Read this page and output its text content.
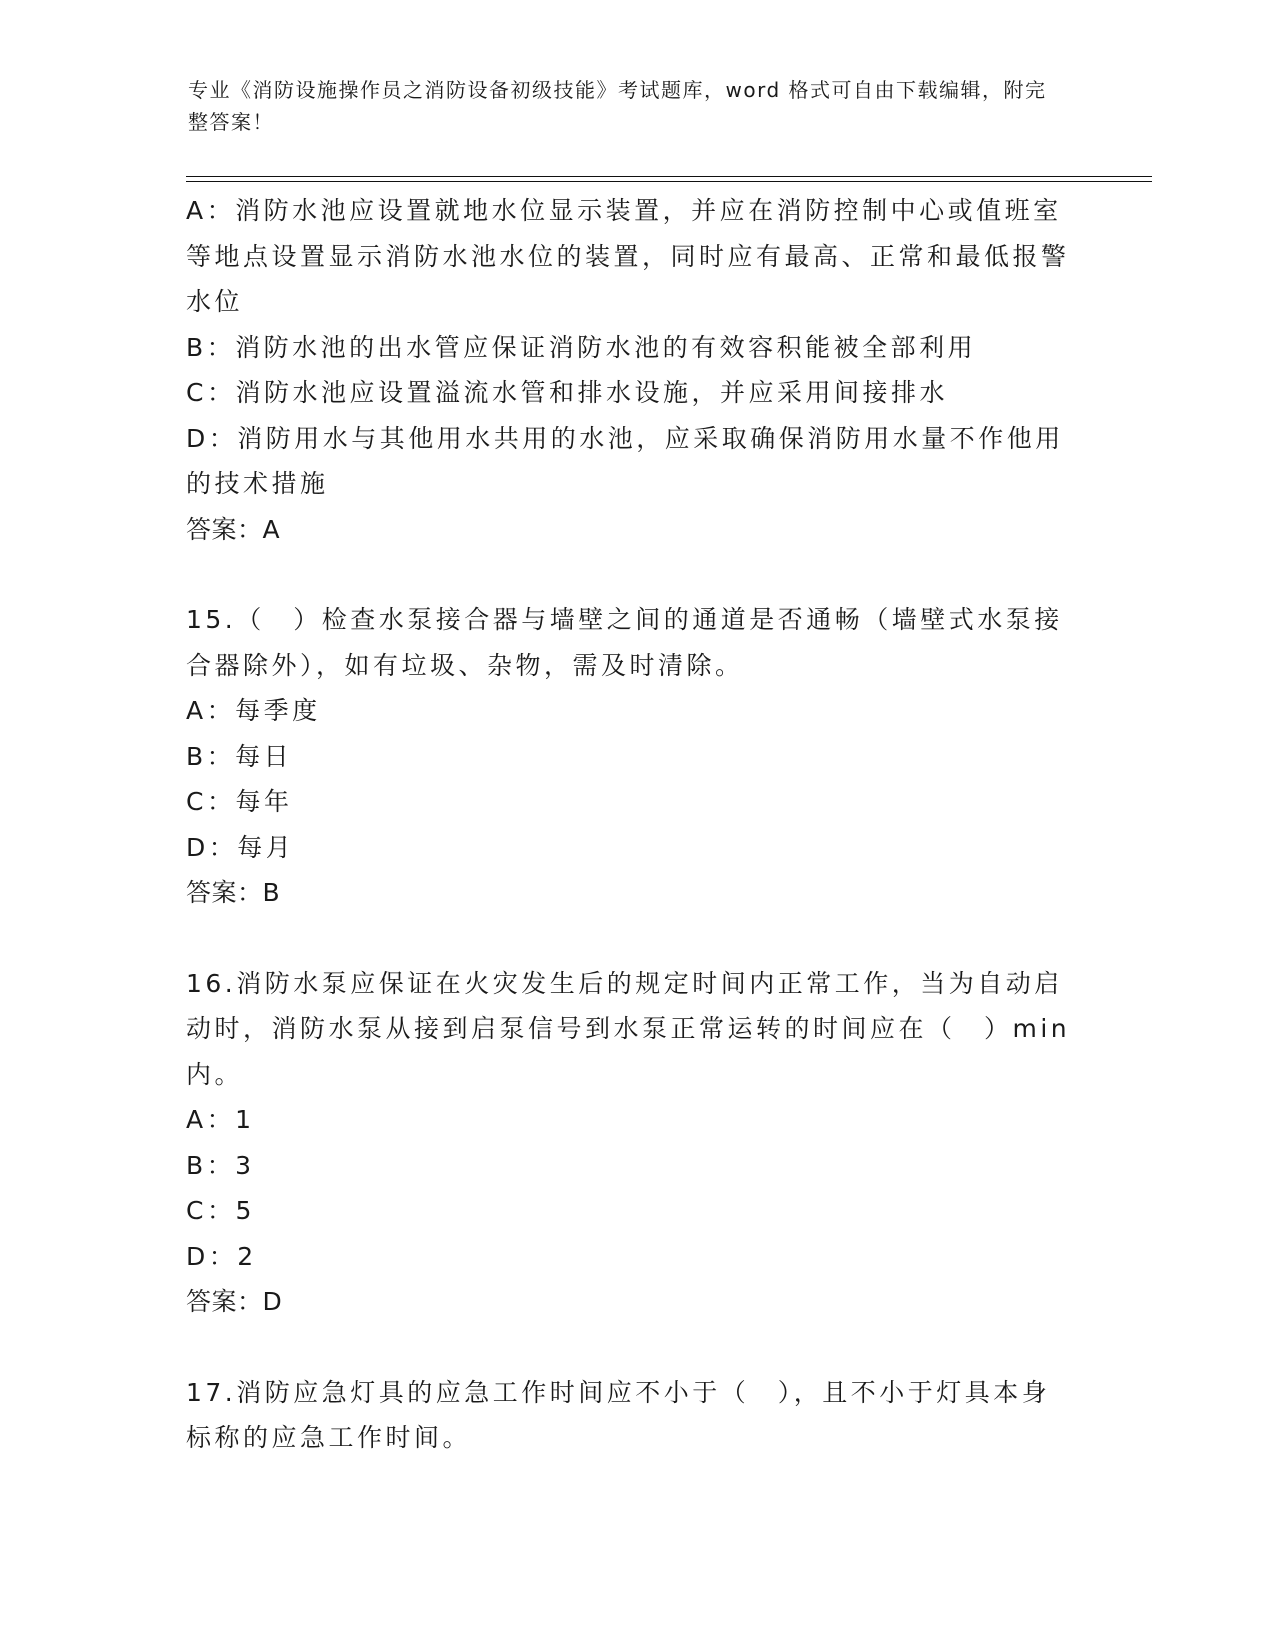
专业《消防设施操作员之消防设备初级技能》考试题库，word 格式可自由下载编辑，附完整答案！
A：消防水池应设置就地水位显示装置，并应在消防控制中心或值班室等地点设置显示消防水池水位的装置，同时应有最高、正常和最低报警水位
B：消防水池的出水管应保证消防水池的有效容积能被全部利用
C：消防水池应设置溢流水管和排水设施，并应采用间接排水
D：消防用水与其他用水共用的水池，应采取确保消防用水量不作他用的技术措施
答案：A
15.（　）检查水泵接合器与墙壁之间的通道是否通畅（墙壁式水泵接合器除外），如有垃圾、杂物，需及时清除。
A：每季度
B：每日
C：每年
D：每月
答案：B
16.消防水泵应保证在火灾发生后的规定时间内正常工作，当为自动启动时，消防水泵从接到启泵信号到水泵正常运转的时间应在（　）min内。
A：1
B：3
C：5
D：2
答案：D
17.消防应急灯具的应急工作时间应不小于（　），且不小于灯具本身标称的应急工作时间。
